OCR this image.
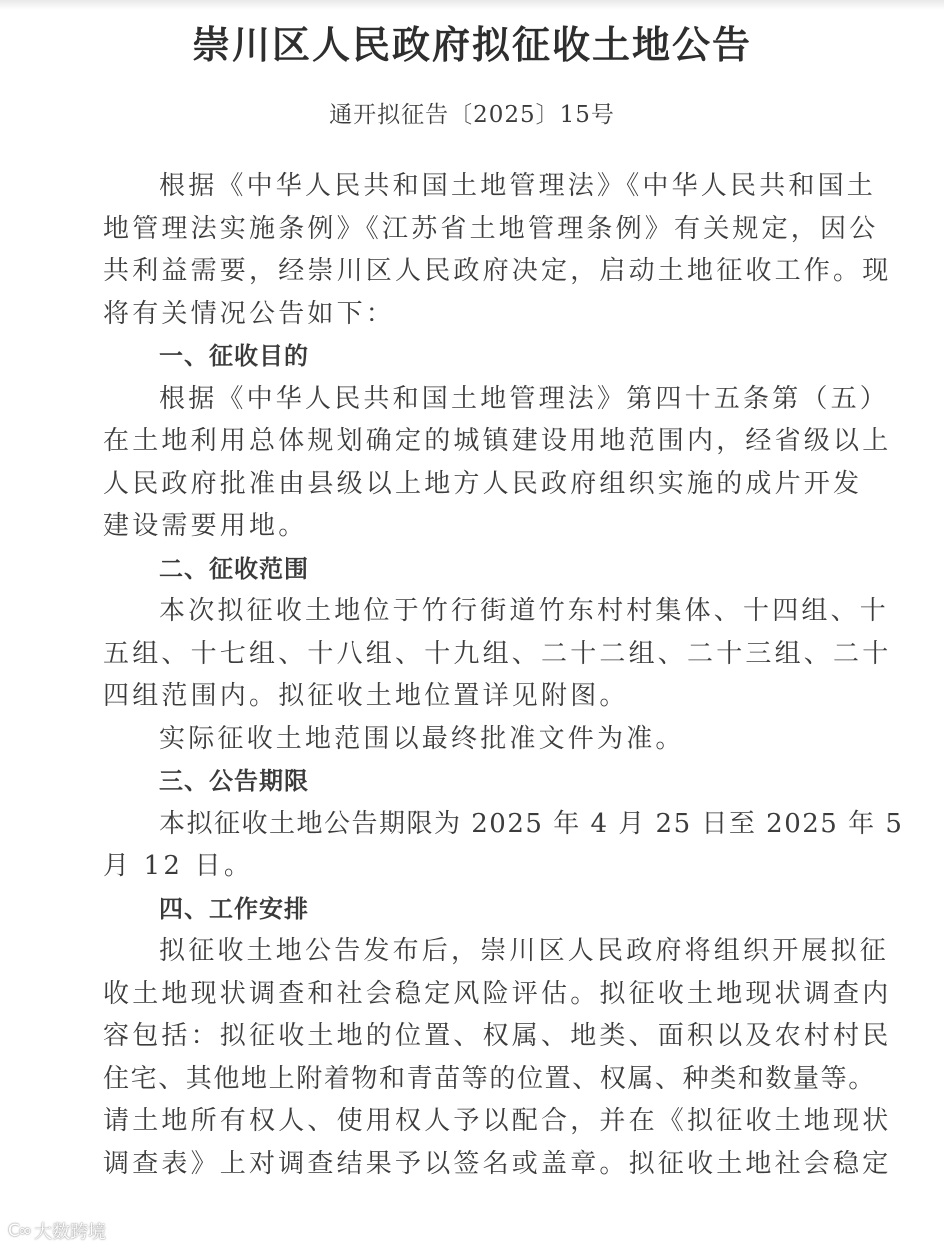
崇川区人民政府拟征收土地公告
通开拟征告〔2025〕15号
根据《中华人民共和国土地管理法》《中华人民共和国土
地管理法实施条例》《江苏省土地管理条例》有关规定，因公
共利益需要，经崇川区人民政府决定，启动土地征收工作。现
将有关情况公告如下：
一、征收目的
根据《中华人民共和国土地管理法》第四十五条第（五）
在土地利用总体规划确定的城镇建设用地范围内，经省级以上
人民政府批准由县级以上地方人民政府组织实施的成片开发
建设需要用地。
二、征收范围
本次拟征收土地位于竹行街道竹东村村集体、十四组、十
五组、十七组、十八组、十九组、二十二组、二十三组、二十
四组范围内。拟征收土地位置详见附图。
实际征收土地范围以最终批准文件为准。
三、公告期限
本拟征收土地公告期限为 2025 年 4 月 25 日至 2025 年 5
月 12 日。
四、工作安排
拟征收土地公告发布后，崇川区人民政府将组织开展拟征
收土地现状调查和社会稳定风险评估。拟征收土地现状调查内
容包括：拟征收土地的位置、权属、地类、面积以及农村村民
住宅、其他地上附着物和青苗等的位置、权属、种类和数量等。
请土地所有权人、使用权人予以配合，并在《拟征收土地现状
调查表》上对调查结果予以签名或盖章。拟征收土地社会稳定
C∞ 大数跨境
